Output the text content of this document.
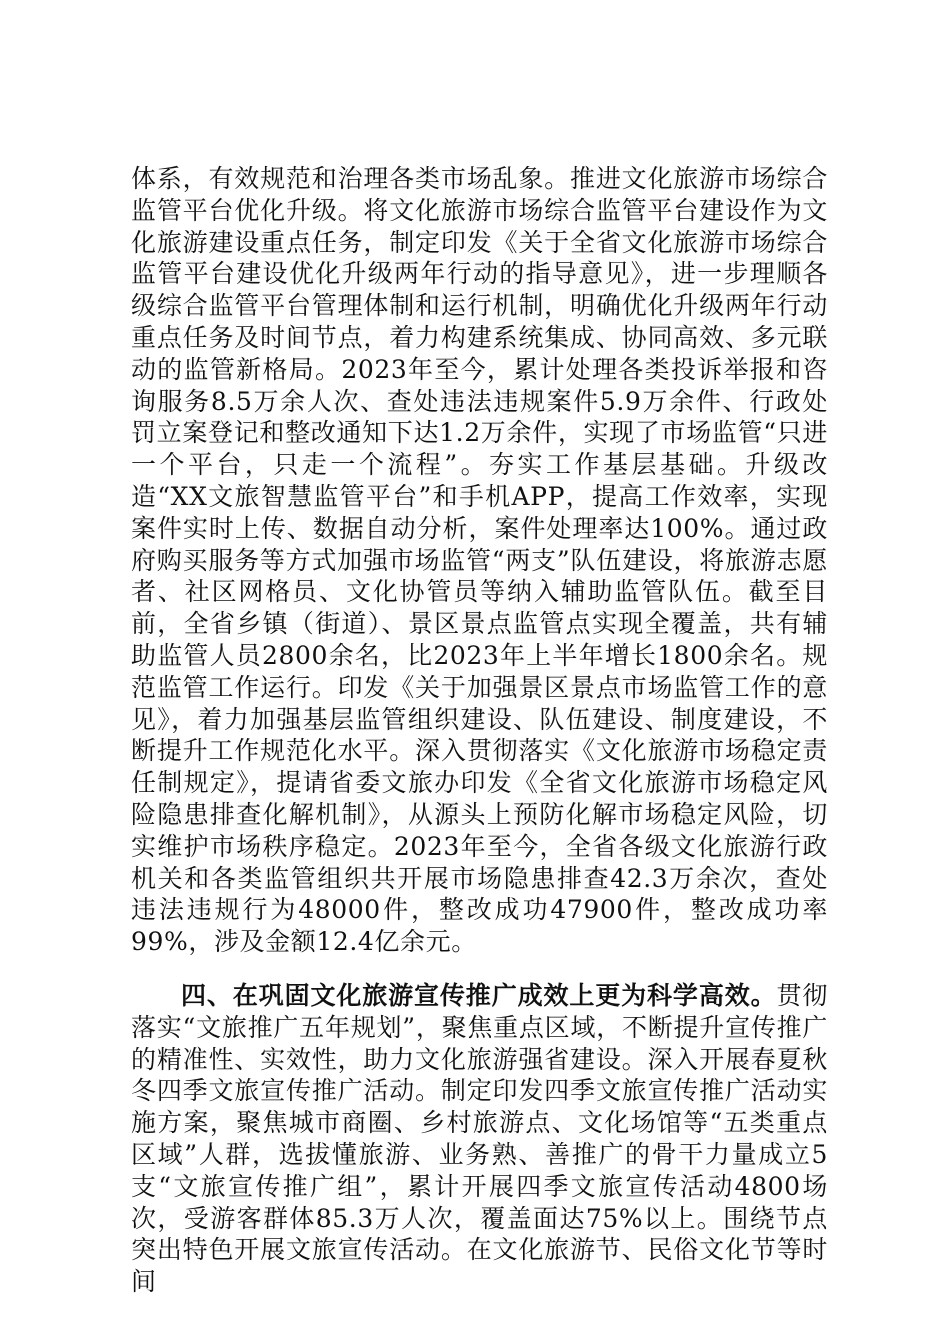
体系，有效规范和治理各类市场乱象。推进文化旅游市场综合监管平台优化升级。将文化旅游市场综合监管平台建设作为文化旅游建设重点任务，制定印发《关于全省文化旅游市场综合监管平台建设优化升级两年行动的指导意见》，进一步理顺各级综合监管平台管理体制和运行机制，明确优化升级两年行动重点任务及时间节点，着力构建系统集成、协同高效、多元联动的监管新格局。2023年至今，累计处理各类投诉举报和咨询服务8.5万余人次、查处违法违规案件5.9万余件、行政处罚立案登记和整改通知下达1.2万余件，实现了市场监管“只进一个平台，只走一个流程”。夯实工作基层基础。升级改造“XX文旅智慧监管平台”和手机APP，提高工作效率，实现案件实时上传、数据自动分析，案件处理率达100%。通过政府购买服务等方式加强市场监管“两支”队伍建设，将旅游志愿者、社区网格员、文化协管员等纳入辅助监管队伍。截至目前，全省乡镇（街道）、景区景点监管点实现全覆盖，共有辅助监管人员2800余名，比2023年上半年增长1800余名。规范监管工作运行。印发《关于加强景区景点市场监管工作的意见》，着力加强基层监管组织建设、队伍建设、制度建设，不断提升工作规范化水平。深入贯彻落实《文化旅游市场稳定责任制规定》，提请省委文旅办印发《全省文化旅游市场稳定风险隐患排查化解机制》，从源头上预防化解市场稳定风险，切实维护市场秩序稳定。2023年至今，全省各级文化旅游行政机关和各类监管组织共开展市场隐患排查42.3万余次，查处违法违规行为48000件，整改成功47900件，整改成功率99%，涉及金额12.4亿余元。

四、在巩固文化旅游宣传推广成效上更为科学高效。贯彻落实“文旅推广五年规划”，聚焦重点区域，不断提升宣传推广的精准性、实效性，助力文化旅游强省建设。深入开展春夏秋冬四季文旅宣传推广活动。制定印发四季文旅宣传推广活动实施方案，聚焦城市商圈、乡村旅游点、文化场馆等“五类重点区域”人群，选拔懂旅游、业务熟、善推广的骨干力量成立5支“文旅宣传推广组”，累计开展四季文旅宣传活动4800场次，受游客群体85.3万人次，覆盖面达75%以上。围绕节点突出特色开展文旅宣传活动。在文化旅游节、民俗文化节等时间
